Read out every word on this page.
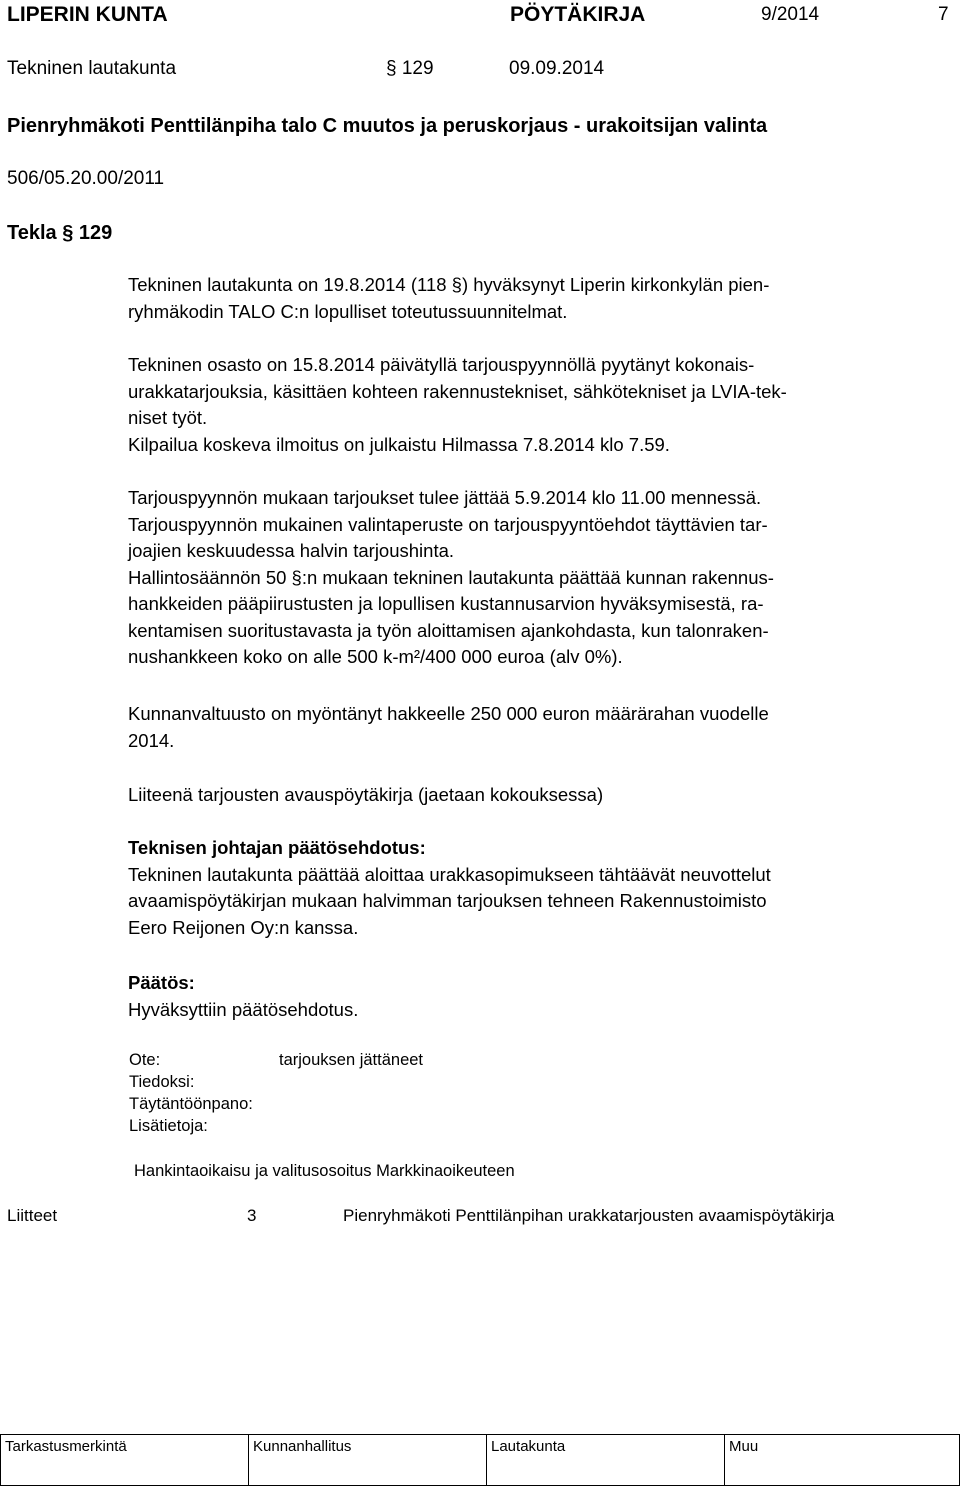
LIPERIN KUNTA	PÖYTÄKIRJA	9/2014	7
Tekninen lautakunta	§ 129	09.09.2014
Pienryhmäkoti Penttilänpiha talo C muutos ja peruskorjaus - urakoitsijan valinta
506/05.20.00/2011
Tekla § 129
Tekninen lautakunta on 19.8.2014 (118 §) hyväksynyt Liperin kirkonkylän pien-
ryhmäkodin TALO C:n lopulliset toteutussuunnitelmat.
Tekninen osasto on 15.8.2014 päivätyllä tarjouspyynnöllä pyytänyt kokonais-
urakkatarjouksia, käsittäen kohteen rakennustekniset, sähkötekniset ja LVIA-tek-
niset työt.
Kilpailua koskeva ilmoitus on julkaistu Hilmassa 7.8.2014 klo 7.59.
Tarjouspyynnön mukaan tarjoukset tulee jättää 5.9.2014 klo 11.00 mennessä.
Tarjouspyynnön mukainen valintaperuste on tarjouspyyntöehdot täyttävien tar-
joajien keskuudessa halvin tarjoushinta.
Hallintosäännön 50 §:n mukaan tekninen lautakunta päättää kunnan rakennus-
hankkeiden pääpiirustusten ja lopullisen kustannusarvion hyväksymisestä, ra-
kentamisen suoritustavasta ja työn aloittamisen ajankohdasta, kun talonraken-
nushankkeen koko on alle 500 k-m²/400 000 euroa (alv 0%).
Kunnanvaltuusto on myöntänyt hakkeelle 250 000 euron määrärahan vuodelle
2014.
Liiteenä tarjousten avauspöytäkirja (jaetaan kokouksessa)
Teknisen johtajan päätösehdotus:
Tekninen lautakunta päättää aloittaa urakkasopimukseen tähtäävät neuvottelut
avaamispöytäkirjan mukaan halvimman tarjouksen tehneen Rakennustoimisto
Eero Reijonen Oy:n kanssa.
Päätös:
Hyväksyttiin päätösehdotus.
Ote:	tarjouksen jättäneet
Tiedoksi:
Täytäntöönpano:
Lisätietoja:
Hankintaoikaisu ja valitusosoitus Markkinaoikeuteen
Liitteet	3	Pienryhmäkoti Penttilänpihan urakkatarjousten avaamispöytäkirja
Tarkastusmerkintä	Kunnanhallitus	Lautakunta	Muu
